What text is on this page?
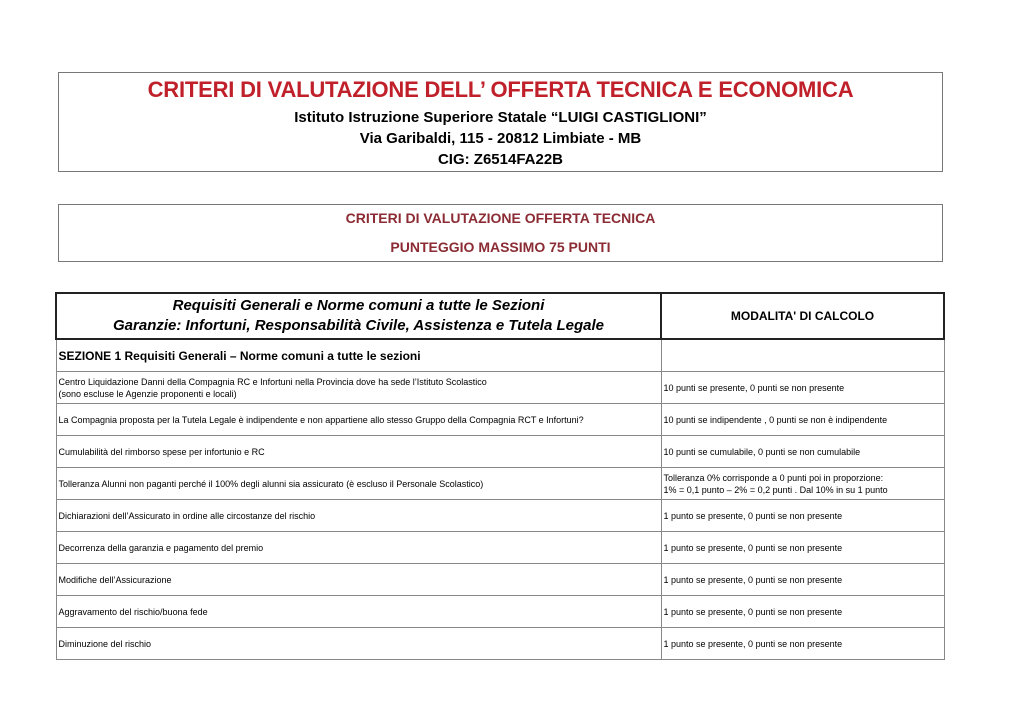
CRITERI DI VALUTAZIONE DELL’ OFFERTA TECNICA E ECONOMICA
Istituto Istruzione Superiore Statale “LUIGI CASTIGLIONI”
Via Garibaldi, 115 - 20812 Limbiate - MB
CIG: Z6514FA22B
CRITERI DI VALUTAZIONE OFFERTA TECNICA
PUNTEGGIO MASSIMO 75 PUNTI
Requisiti Generali e Norme comuni a tutte le Sezioni
Garanzie: Infortuni, Responsabilità Civile, Assistenza e Tutela Legale	MODALITA' DI CALCOLO
SEZIONE 1 Requisiti Generali – Norme comuni a tutte le sezioni	

Centro Liquidazione Danni della Compagnia RC e Infortuni nella Provincia dove ha sede l’Istituto Scolastico
(sono escluse le Agenzie proponenti e locali)	10 punti se presente, 0 punti se non presente

La Compagnia proposta per la Tutela Legale è indipendente e non appartiene allo stesso Gruppo della Compagnia RCT e Infortuni?	10 punti se indipendente , 0 punti se non è indipendente

Cumulabilità del rimborso spese per infortunio e RC	10 punti se cumulabile, 0 punti se non cumulabile

Tolleranza Alunni non paganti perché il 100% degli alunni sia assicurato (è escluso il Personale Scolastico)	Tolleranza 0% corrisponde a 0 punti poi in proporzione:
1% = 0,1 punto – 2% = 0,2 punti . Dal 10% in su 1 punto

Dichiarazioni dell’Assicurato in ordine alle circostanze del rischio	1 punto se presente, 0 punti se non presente

Decorrenza della garanzia e pagamento del premio	1 punto se presente, 0 punti se non presente

Modifiche dell’Assicurazione	1 punto se presente, 0 punti se non presente

Aggravamento del rischio/buona fede	1 punto se presente, 0 punti se non presente

Diminuzione del rischio	1 punto se presente, 0 punti se non presente
